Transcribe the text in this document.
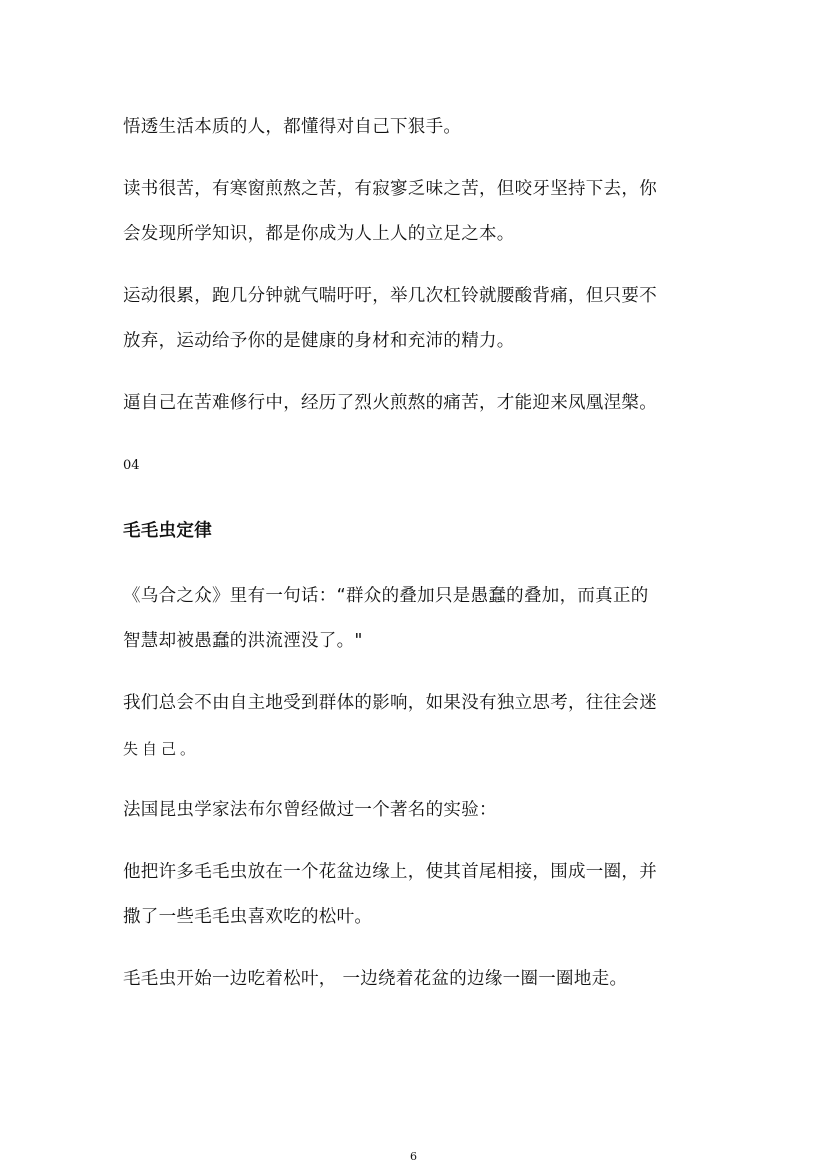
悟透生活本质的人，都懂得对自己下狠手。
读书很苦，有寒窗煎熬之苦，有寂寥乏味之苦，但咬牙坚持下去，你
会发现所学知识，都是你成为人上人的立足之本。
运动很累，跑几分钟就气喘吁吁，举几次杠铃就腰酸背痛，但只要不
放弃，运动给予你的是健康的身材和充沛的精力。
逼自己在苦难修行中，经历了烈火煎熬的痛苦，才能迎来凤凰涅槃。
04
毛毛虫定律
《乌合之众》里有一句话：“群众的叠加只是愚蠢的叠加，而真正的
智慧却被愚蠢的洪流湮没了。"
我们总会不由自主地受到群体的影响，如果没有独立思考，往往会迷
失自己。
法国昆虫学家法布尔曾经做过一个著名的实验：
他把许多毛毛虫放在一个花盆边缘上，使其首尾相接，围成一圈，并
撒了一些毛毛虫喜欢吃的松叶。
毛毛虫开始一边吃着松叶， 一边绕着花盆的边缘一圈一圈地走。
6
